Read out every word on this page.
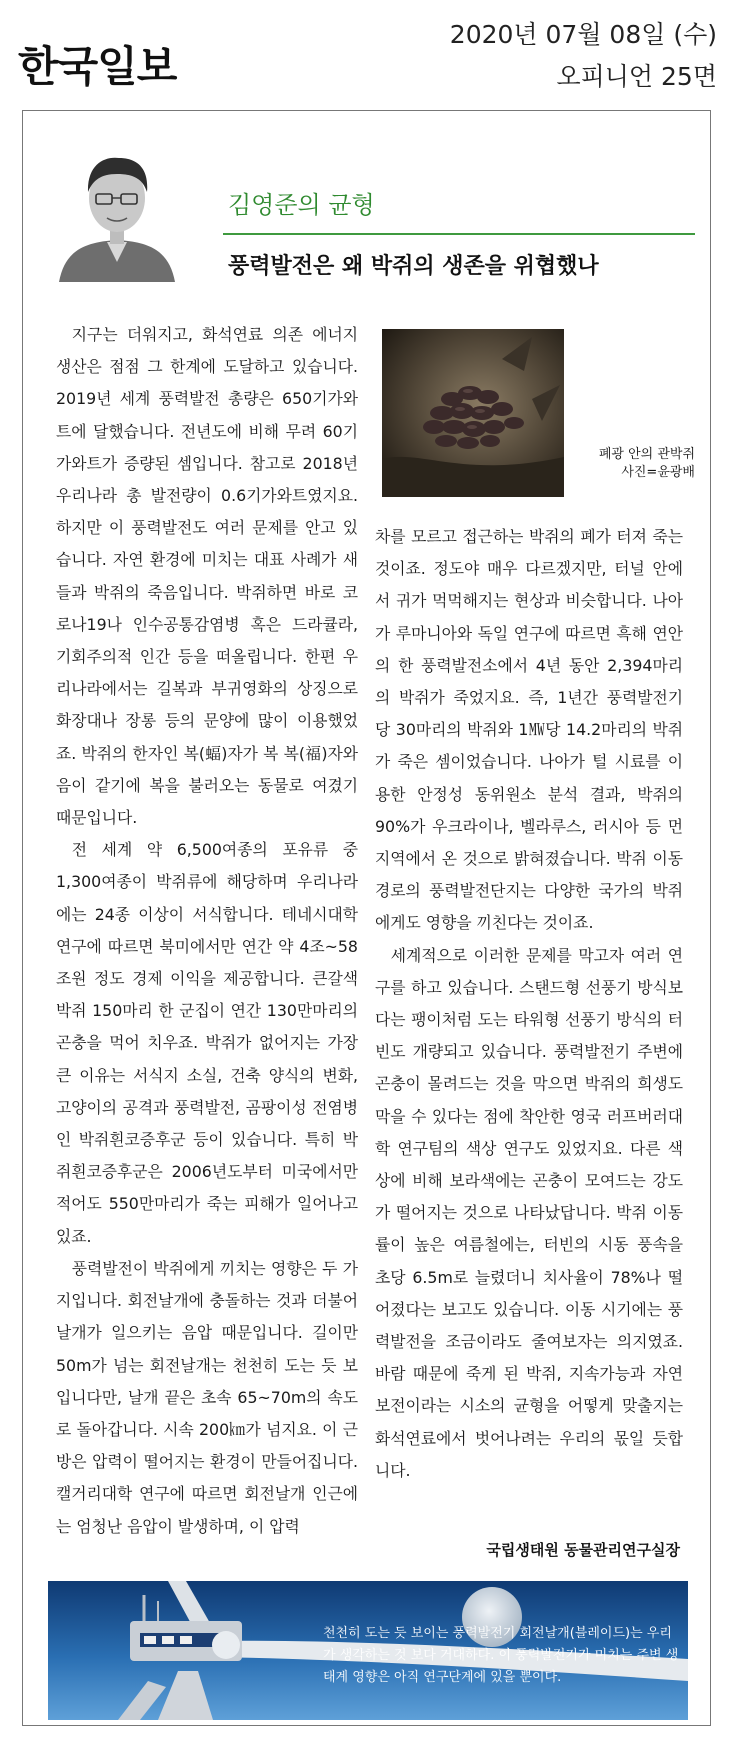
한국일보
2020년 07월 08일 (수)
오피니언 25면
김영준의 균형
풍력발전은 왜 박쥐의 생존을 위협했나

지구는 더워지고, 화석연료 의존 에너지 생산은 점점 그 한계에 도달하고 있습니다. 2019년 세계 풍력발전 총량은 650기가와트에 달했습니다. 전년도에 비해 무려 60기가와트가 증량된 셈입니다. 참고로 2018년 우리나라 총 발전량이 0.6기가와트였지요. 하지만 이 풍력발전도 여러 문제를 안고 있습니다. 자연 환경에 미치는 대표 사례가 새들과 박쥐의 죽음입니다. 박쥐하면 바로 코로나19나 인수공통감염병 혹은 드라큘라, 기회주의적 인간 등을 떠올립니다. 한편 우리나라에서는 길복과 부귀영화의 상징으로 화장대나 장롱 등의 문양에 많이 이용했었죠. 박쥐의 한자인 복(蝠)자가 복 복(福)자와 음이 같기에 복을 불러오는 동물로 여겼기 때문입니다.

전 세계 약 6,500여종의 포유류 중 1,300여종이 박쥐류에 해당하며 우리나라에는 24종 이상이 서식합니다. 테네시대학 연구에 따르면 북미에서만 연간 약 4조~58조원 정도 경제 이익을 제공합니다. 큰갈색박쥐 150마리 한 군집이 연간 130만마리의 곤충을 먹어 치우죠. 박쥐가 없어지는 가장 큰 이유는 서식지 소실, 건축 양식의 변화, 고양이의 공격과 풍력발전, 곰팡이성 전염병인 박쥐흰코증후군 등이 있습니다. 특히 박쥐흰코증후군은 2006년도부터 미국에서만 적어도 550만마리가 죽는 피해가 일어나고 있죠.

풍력발전이 박쥐에게 끼치는 영향은 두 가지입니다. 회전날개에 충돌하는 것과 더불어 날개가 일으키는 음압 때문입니다. 길이만 50m가 넘는 회전날개는 천천히 도는 듯 보입니다만, 날개 끝은 초속 65~70m의 속도로 돌아갑니다. 시속 200㎞가 넘지요. 이 근방은 압력이 떨어지는 환경이 만들어집니다. 캘거리대학 연구에 따르면 회전날개 인근에는 엄청난 음압이 발생하며, 이 압력

폐광 안의 관박쥐
사진=윤광배

차를 모르고 접근하는 박쥐의 폐가 터져 죽는 것이죠. 정도야 매우 다르겠지만, 터널 안에서 귀가 먹먹해지는 현상과 비슷합니다. 나아가 루마니아와 독일 연구에 따르면 흑해 연안의 한 풍력발전소에서 4년 동안 2,394마리의 박쥐가 죽었지요. 즉, 1년간 풍력발전기 당 30마리의 박쥐와 1㎿당 14.2마리의 박쥐가 죽은 셈이었습니다. 나아가 털 시료를 이용한 안정성 동위원소 분석 결과, 박쥐의 90%가 우크라이나, 벨라루스, 러시아 등 먼 지역에서 온 것으로 밝혀졌습니다. 박쥐 이동 경로의 풍력발전단지는 다양한 국가의 박쥐에게도 영향을 끼친다는 것이죠.

세계적으로 이러한 문제를 막고자 여러 연구를 하고 있습니다. 스탠드형 선풍기 방식보다는 팽이처럼 도는 타워형 선풍기 방식의 터빈도 개량되고 있습니다. 풍력발전기 주변에 곤충이 몰려드는 것을 막으면 박쥐의 희생도 막을 수 있다는 점에 착안한 영국 러프버러대학 연구팀의 색상 연구도 있었지요. 다른 색상에 비해 보라색에는 곤충이 모여드는 강도가 떨어지는 것으로 나타났답니다. 박쥐 이동률이 높은 여름철에는, 터빈의 시동 풍속을 초당 6.5m로 늘렸더니 치사율이 78%나 떨어졌다는 보고도 있습니다. 이동 시기에는 풍력발전을 조금이라도 줄여보자는 의지였죠. 바람 때문에 죽게 된 박쥐, 지속가능과 자연보전이라는 시소의 균형을 어떻게 맞출지는 화석연료에서 벗어나려는 우리의 몫일 듯합니다.

국립생태원 동물관리연구실장
천천히 도는 듯 보이는 풍력발전기 회전날개(블레이드)는 우리가 생각하는 것 보다 거대하다. 이 풍력발전기가 미치는 주변 생태계 영향은 아직 연구단계에 있을 뿐이다.
